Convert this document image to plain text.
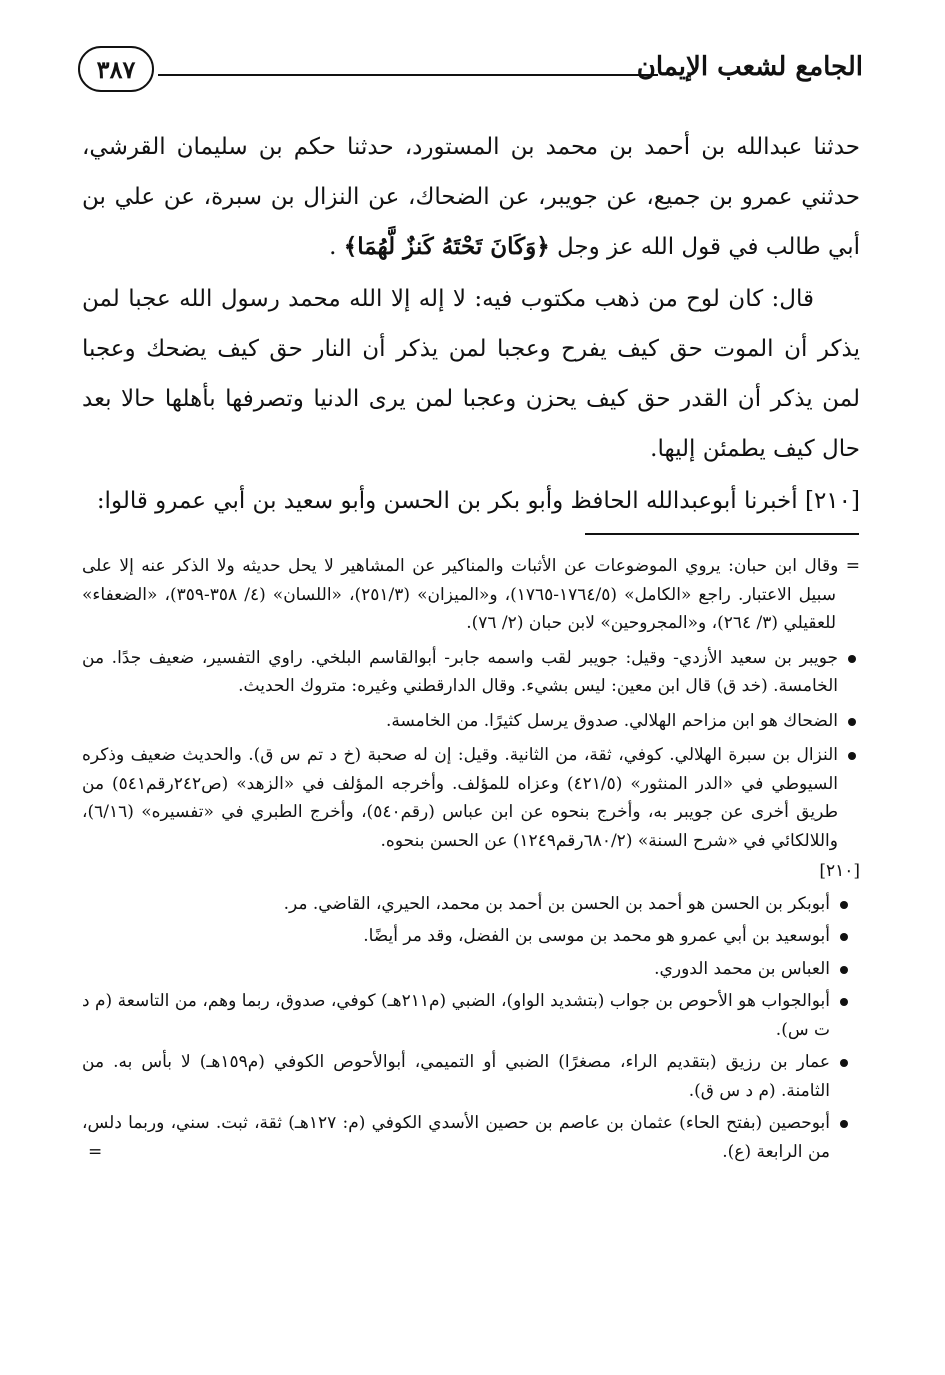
الجامع لشعب الإيمان
٣٨٧

حدثنا عبدالله بن أحمد بن محمد بن المستورد، حدثنا حكم بن سليمان القرشي، حدثني عمرو بن جميع، عن جويبر، عن الضحاك، عن النزال بن سبرة، عن علي بن أبي طالب في قول الله عز وجل ﴿وَكَانَ تَحْتَهُ كَنزٌ لَّهُمَا﴾ .

قال: كان لوح من ذهب مكتوب فيه: لا إله إلا الله محمد رسول الله عجبا لمن يذكر أن الموت حق كيف يفرح وعجبا لمن يذكر أن النار حق كيف يضحك وعجبا لمن يذكر أن القدر حق كيف يحزن وعجبا لمن يرى الدنيا وتصرفها بأهلها حالا بعد حال كيف يطمئن إليها.

[٢١٠] أخبرنا أبوعبدالله الحافظ وأبو بكر بن الحسن وأبو سعيد بن أبي عمرو قالوا:

= وقال ابن حبان: يروي الموضوعات عن الأثبات والمناكير عن المشاهير لا يحل حديثه ولا الذكر عنه إلا على سبيل الاعتبار. راجع «الكامل» (١٧٦٤/٥-١٧٦٥)، و«الميزان» (٢٥١/٣)، «اللسان» (٤/ ٣٥٨-٣٥٩)، «الضعفاء» للعقيلي (٣/ ٢٦٤)، و«المجروحين» لابن حبان (٢/ ٧٦).

جويبر بن سعيد الأزدي- وقيل: جويبر لقب واسمه جابر- أبوالقاسم البلخي. راوي التفسير، ضعيف جدًا. من الخامسة. (خد ق) قال ابن معين: ليس بشيء. وقال الدارقطني وغيره: متروك الحديث.
الضحاك هو ابن مزاحم الهلالي. صدوق يرسل كثيرًا. من الخامسة.
النزال بن سبرة الهلالي. كوفي، ثقة، من الثانية. وقيل: إن له صحبة (خ د تم س ق). والحديث ضعيف وذكره السيوطي في «الدر المنثور» (٤٢١/٥) وعزاه للمؤلف. وأخرجه المؤلف في «الزهد» (ص٢٤٢رقم٥٤١) من طريق أخرى عن جويبر به، وأخرج بنحوه عن ابن عباس (رقم٥٤٠)، وأخرج الطبري في «تفسيره» (٦/١٦)، واللالكائي في «شرح السنة» (٦٨٠/٢رقم١٢٤٩) عن الحسن بنحوه.
[٢١٠]
أبوبكر بن الحسن هو أحمد بن الحسن بن أحمد بن محمد، الحيري، القاضي. مر.
أبوسعيد بن أبي عمرو هو محمد بن موسى بن الفضل، وقد مر أيضًا.
العباس بن محمد الدوري.
أبوالجواب هو الأحوص بن جواب (بتشديد الواو)، الضبي (م٢١١هـ) كوفي، صدوق، ربما وهم، من التاسعة (م د ت س).
عمار بن رزيق (بتقديم الراء، مصغرًا) الضبي أو التميمي، أبوالأحوص الكوفي (م١٥٩هـ) لا بأس به. من الثامنة. (م د س ق).
أبوحصين (بفتح الحاء) عثمان بن عاصم بن حصين الأسدي الكوفي (م: ١٢٧هـ) ثقة، ثبت. سني، وربما دلس، من الرابعة (ع).
=
